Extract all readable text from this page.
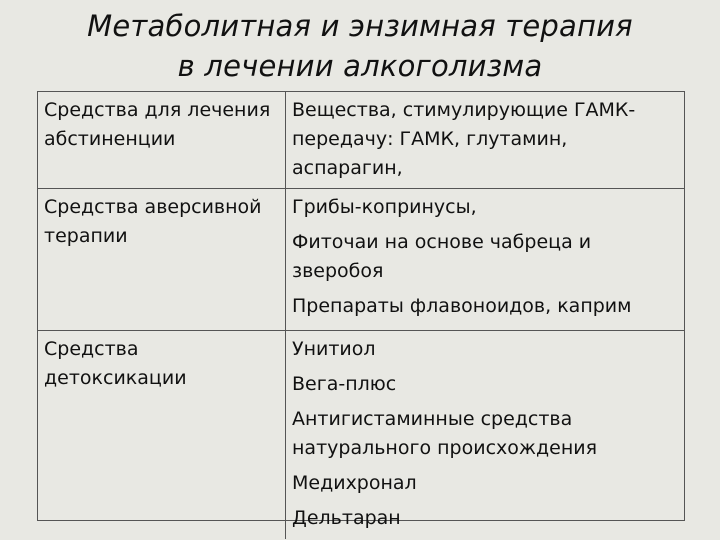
Метаболитная и энзимная терапия
в лечении алкоголизма
Средства для лечения абстиненции	Вещества, стимулирующие ГАМК-передачу: ГАМК, глутамин, аспарагин,

Средства аверсивной терапии	Грибы-копринусы,
Фиточаи на основе чабреца и зверобоя
Препараты флавоноидов, каприм

Средства детоксикации	Унитиол
Вега-плюс
Антигистаминные средства натурального происхождения
Медихронал
Дельтаран
